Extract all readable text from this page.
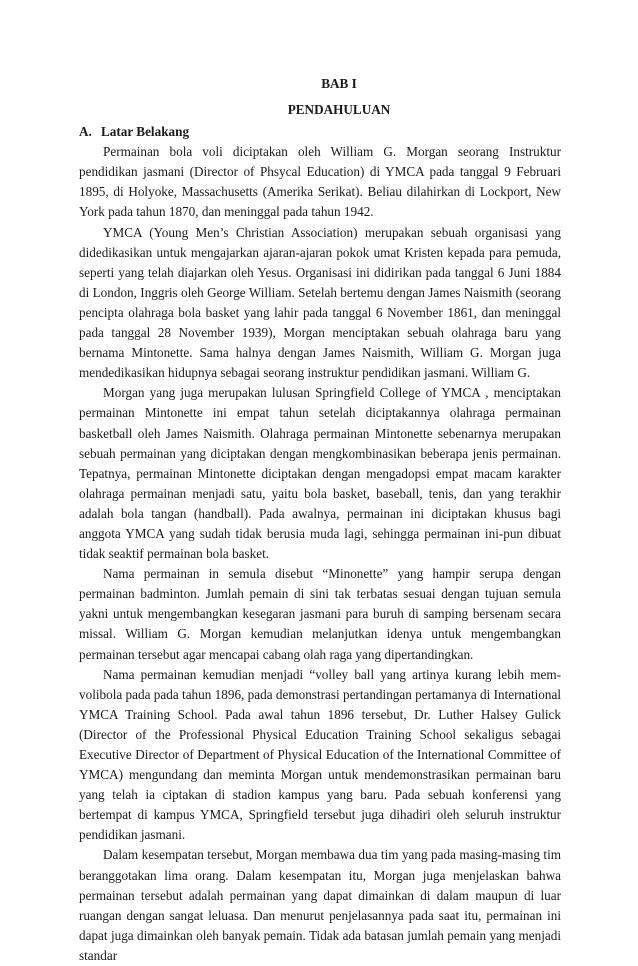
BAB I
PENDAHULUAN
A. Latar Belakang

Permainan bola voli diciptakan oleh William G. Morgan seorang Instruktur pendidikan jasmani (Director of Phsycal Education) di YMCA pada tanggal 9 Februari 1895, di Holyoke, Massachusetts (Amerika Serikat). Beliau dilahirkan di Lockport, New York pada tahun 1870, dan meninggal pada tahun 1942.

YMCA (Young Men’s Christian Association) merupakan sebuah organisasi yang didedikasikan untuk mengajarkan ajaran-ajaran pokok umat Kristen kepada para pemuda, seperti yang telah diajarkan oleh Yesus. Organisasi ini didirikan pada tanggal 6 Juni 1884 di London, Inggris oleh George William. Setelah bertemu dengan James Naismith (seorang pencipta olahraga bola basket yang lahir pada tanggal 6 November 1861, dan meninggal pada tanggal 28 November 1939), Morgan menciptakan sebuah olahraga baru yang bernama Mintonette. Sama halnya dengan James Naismith, William G. Morgan juga mendedikasikan hidupnya sebagai seorang instruktur pendidikan jasmani. William G.

Morgan yang juga merupakan lulusan Springfield College of YMCA , menciptakan permainan Mintonette ini empat tahun setelah diciptakannya olahraga permainan basketball oleh James Naismith. Olahraga permainan Mintonette sebenarnya merupakan sebuah permainan yang diciptakan dengan mengkombinasikan beberapa jenis permainan. Tepatnya, permainan Mintonette diciptakan dengan mengadopsi empat macam karakter olahraga permainan menjadi satu, yaitu bola basket, baseball, tenis, dan yang terakhir adalah bola tangan (handball). Pada awalnya, permainan ini diciptakan khusus bagi anggota YMCA yang sudah tidak berusia muda lagi, sehingga permainan ini-pun dibuat tidak seaktif permainan bola basket.

Nama permainan in semula disebut “Minonette” yang hampir serupa dengan permainan badminton. Jumlah pemain di sini tak terbatas sesuai dengan tujuan semula yakni untuk mengembangkan kesegaran jasmani para buruh di samping bersenam secara missal. William G. Morgan kemudian melanjutkan idenya untuk mengembangkan permainan tersebut agar mencapai cabang olah raga yang dipertandingkan.

Nama permainan kemudian menjadi “volley ball yang artinya kurang lebih mem-volibola pada pada tahun 1896, pada demonstrasi pertandingan pertamanya di International YMCA Training School. Pada awal tahun 1896 tersebut, Dr. Luther Halsey Gulick (Director of the Professional Physical Education Training School sekaligus sebagai Executive Director of Department of Physical Education of the International Committee of YMCA) mengundang dan meminta Morgan untuk mendemonstrasikan permainan baru yang telah ia ciptakan di stadion kampus yang baru. Pada sebuah konferensi yang bertempat di kampus YMCA, Springfield tersebut juga dihadiri oleh seluruh instruktur pendidikan jasmani.

Dalam kesempatan tersebut, Morgan membawa dua tim yang pada masing-masing tim beranggotakan lima orang. Dalam kesempatan itu, Morgan juga menjelaskan bahwa permainan tersebut adalah permainan yang dapat dimainkan di dalam maupun di luar ruangan dengan sangat leluasa. Dan menurut penjelasannya pada saat itu, permainan ini dapat juga dimainkan oleh banyak pemain. Tidak ada batasan jumlah pemain yang menjadi standar
